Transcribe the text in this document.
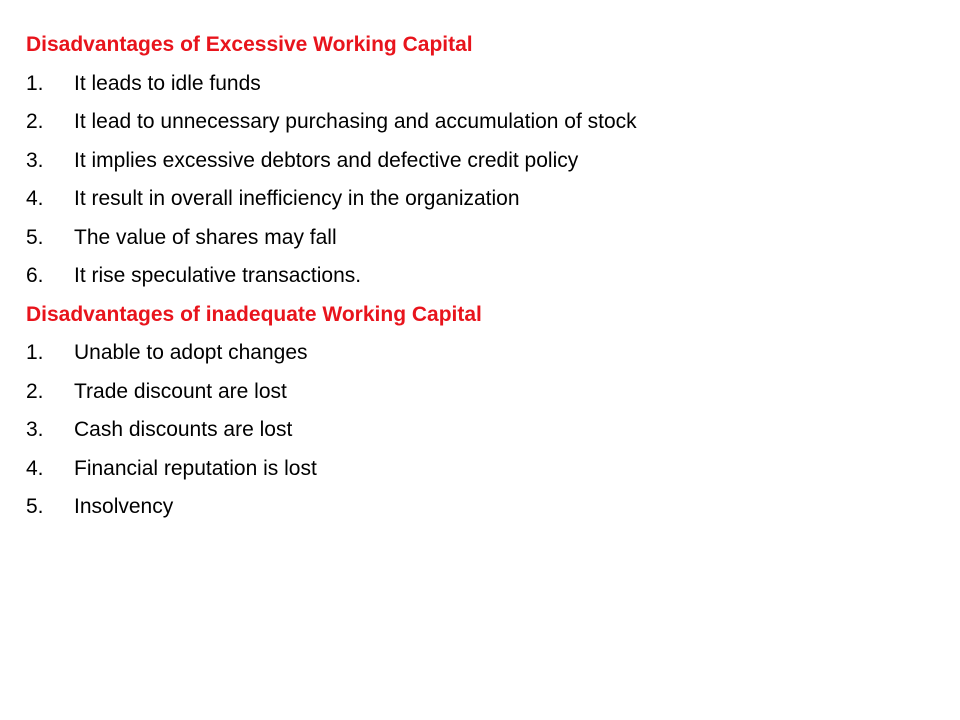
Disadvantages of Excessive Working Capital
1.	It leads to idle funds
2.	It lead to unnecessary purchasing and accumulation of stock
3.	It implies excessive debtors and defective credit policy
4.	It result in overall inefficiency in the organization
5.	The value of shares may fall
6.	It rise speculative transactions.
Disadvantages of inadequate Working Capital
1.	Unable to adopt changes
2.	Trade discount are lost
3.	Cash discounts are lost
4.	Financial reputation is lost
5.	Insolvency
